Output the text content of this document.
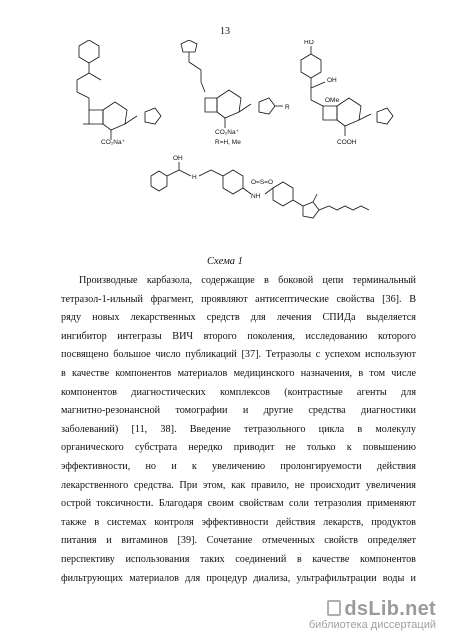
13
CO₂Na⁺
CO₂Na⁺
R
R=H, Me
HO
OH
OMe
COOH
OH
H
O=S=O
NH
Схема 1
Производные карбазола, содержащие в боковой цепи терминальный
тетразол-1-ильный фрагмент, проявляют антисептические свойства [36]. В
ряду новых лекарственных средств для лечения СПИДа выделяется
ингибитор интегразы ВИЧ второго поколения, исследованию которого
посвящено большое число публикаций [37]. Тетразолы с успехом используют
в качестве компонентов материалов медицинского назначения, в том числе
компонентов диагностических комплексов (контрастные агенты для
магнитно-резонансной томографии и другие средства диагностики
заболеваний) [11, 38]. Введение тетразольного цикла в молекулу
органического субстрата нередко приводит не только к повышению
эффективности, но и к увеличению пролонгируемости действия
лекарственного средства. При этом, как правило, не происходит увеличения
острой токсичности. Благодаря своим свойствам соли тетразолия применяют
также в системах контроля эффективности действия лекарств, продуктов
питания и витаминов [39]. Сочетание отмеченных свойств определяет
перспективу использования таких соединений в качестве компонентов
фильтрующих материалов для процедур диализа, ультрафильтрации воды и
dsLib.net
библиотека диссертаций
